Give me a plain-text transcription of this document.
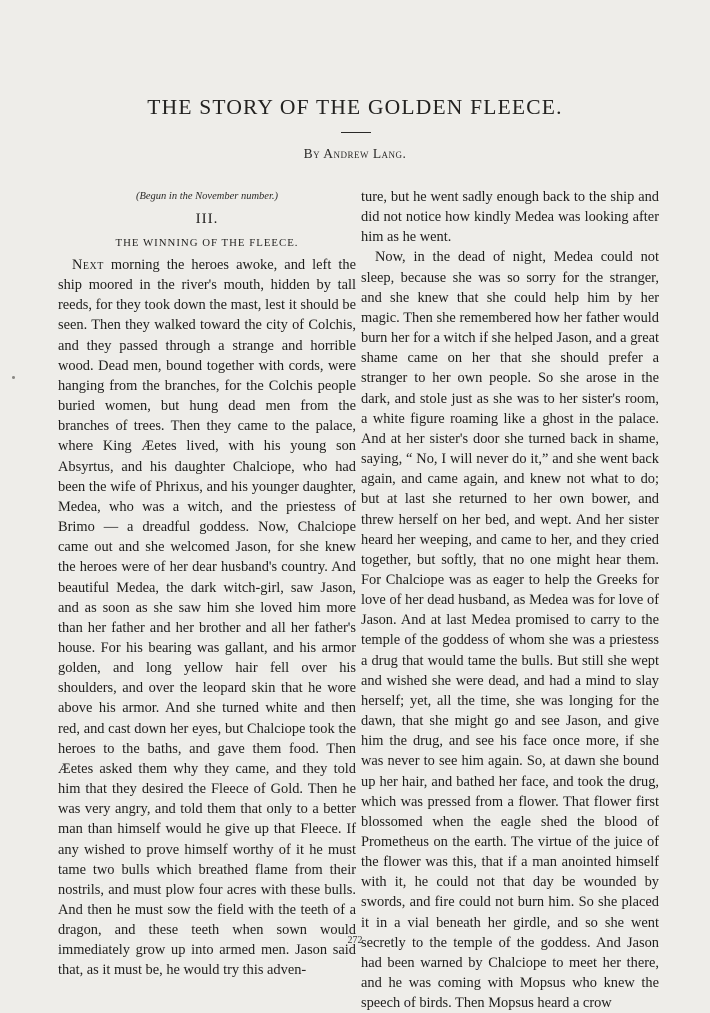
THE STORY OF THE GOLDEN FLEECE.
By Andrew Lang.

(Begun in the November number.)

III.

THE WINNING OF THE FLEECE.

Next morning the heroes awoke, and left the ship moored in the river's mouth, hidden by tall reeds, for they took down the mast, lest it should be seen. Then they walked toward the city of Colchis, and they passed through a strange and horrible wood. Dead men, bound together with cords, were hanging from the branches, for the Colchis people buried women, but hung dead men from the branches of trees. Then they came to the palace, where King Æetes lived, with his young son Absyrtus, and his daughter Chalciope, who had been the wife of Phrixus, and his younger daughter, Medea, who was a witch, and the priestess of Brimo — a dreadful goddess. Now, Chalciope came out and she welcomed Jason, for she knew the heroes were of her dear husband's country. And beautiful Medea, the dark witch-girl, saw Jason, and as soon as she saw him she loved him more than her father and her brother and all her father's house. For his bearing was gallant, and his armor golden, and long yellow hair fell over his shoulders, and over the leopard skin that he wore above his armor. And she turned white and then red, and cast down her eyes, but Chalciope took the heroes to the baths, and gave them food. Then Æetes asked them why they came, and they told him that they desired the Fleece of Gold. Then he was very angry, and told them that only to a better man than himself would he give up that Fleece. If any wished to prove himself worthy of it he must tame two bulls which breathed flame from their nostrils, and must plow four acres with these bulls. And then he must sow the field with the teeth of a dragon, and these teeth when sown would immediately grow up into armed men. Jason said that, as it must be, he would try this adven-

ture, but he went sadly enough back to the ship and did not notice how kindly Medea was looking after him as he went.

Now, in the dead of night, Medea could not sleep, because she was so sorry for the stranger, and she knew that she could help him by her magic. Then she remembered how her father would burn her for a witch if she helped Jason, and a great shame came on her that she should prefer a stranger to her own people. So she arose in the dark, and stole just as she was to her sister's room, a white figure roaming like a ghost in the palace. And at her sister's door she turned back in shame, saying, “ No, I will never do it,” and she went back again, and came again, and knew not what to do; but at last she returned to her own bower, and threw herself on her bed, and wept. And her sister heard her weeping, and came to her, and they cried together, but softly, that no one might hear them. For Chalciope was as eager to help the Greeks for love of her dead husband, as Medea was for love of Jason. And at last Medea promised to carry to the temple of the goddess of whom she was a priestess a drug that would tame the bulls. But still she wept and wished she were dead, and had a mind to slay herself; yet, all the time, she was longing for the dawn, that she might go and see Jason, and give him the drug, and see his face once more, if she was never to see him again. So, at dawn she bound up her hair, and bathed her face, and took the drug, which was pressed from a flower. That flower first blossomed when the eagle shed the blood of Prometheus on the earth. The virtue of the juice of the flower was this, that if a man anointed himself with it, he could not that day be wounded by swords, and fire could not burn him. So she placed it in a vial beneath her girdle, and so she went secretly to the temple of the goddess. And Jason had been warned by Chalciope to meet her there, and he was coming with Mopsus who knew the speech of birds. Then Mopsus heard a crow

272
